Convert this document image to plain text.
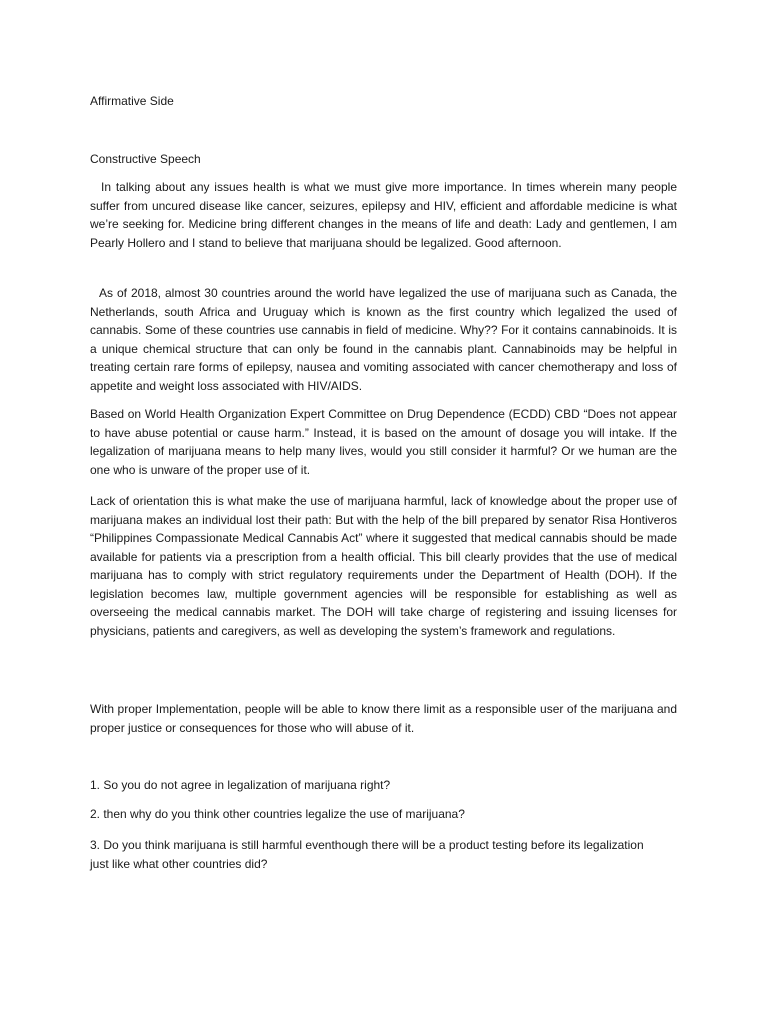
Affirmative Side

Constructive Speech

In talking about any issues health is what we must give more importance. In times wherein many people suffer from uncured disease like cancer, seizures, epilepsy and HIV, efficient and affordable medicine is what we’re seeking for. Medicine bring different changes in the means of life and death: Lady and gentlemen, I am Pearly Hollero and I stand to believe that marijuana should be legalized. Good afternoon.

As of 2018, almost 30 countries around the world have legalized the use of marijuana such as Canada, the Netherlands, south Africa and Uruguay which is known as the first country which legalized the used of cannabis. Some of these countries use cannabis in field of medicine. Why?? For it contains cannabinoids. It is a unique chemical structure that can only be found in the cannabis plant. Cannabinoids may be helpful in treating certain rare forms of epilepsy, nausea and vomiting associated with cancer chemotherapy and loss of appetite and weight loss associated with HIV/AIDS.

Based on World Health Organization Expert Committee on Drug Dependence (ECDD) CBD “Does not appear to have abuse potential or cause harm.” Instead, it is based on the amount of dosage you will intake. If the legalization of marijuana means to help many lives, would you still consider it harmful? Or we human are the one who is unware of the proper use of it.

Lack of orientation this is what make the use of marijuana harmful, lack of knowledge about the proper use of marijuana makes an individual lost their path: But with the help of the bill prepared by senator Risa Hontiveros “Philippines Compassionate Medical Cannabis Act” where it suggested that medical cannabis should be made available for patients via a prescription from a health official. This bill clearly provides that the use of medical marijuana has to comply with strict regulatory requirements under the Department of Health (DOH). If the legislation becomes law, multiple government agencies will be responsible for establishing as well as overseeing the medical cannabis market. The DOH will take charge of registering and issuing licenses for physicians, patients and caregivers, as well as developing the system’s framework and regulations.

With proper Implementation, people will be able to know there limit as a responsible user of the marijuana and proper justice or consequences for those who will abuse of it.

1. So you do not agree in legalization of marijuana right?

2. then why do you think other countries legalize the use of marijuana?

3. Do you think marijuana is still harmful eventhough there will be a product testing before its legalization just like what other countries did?
